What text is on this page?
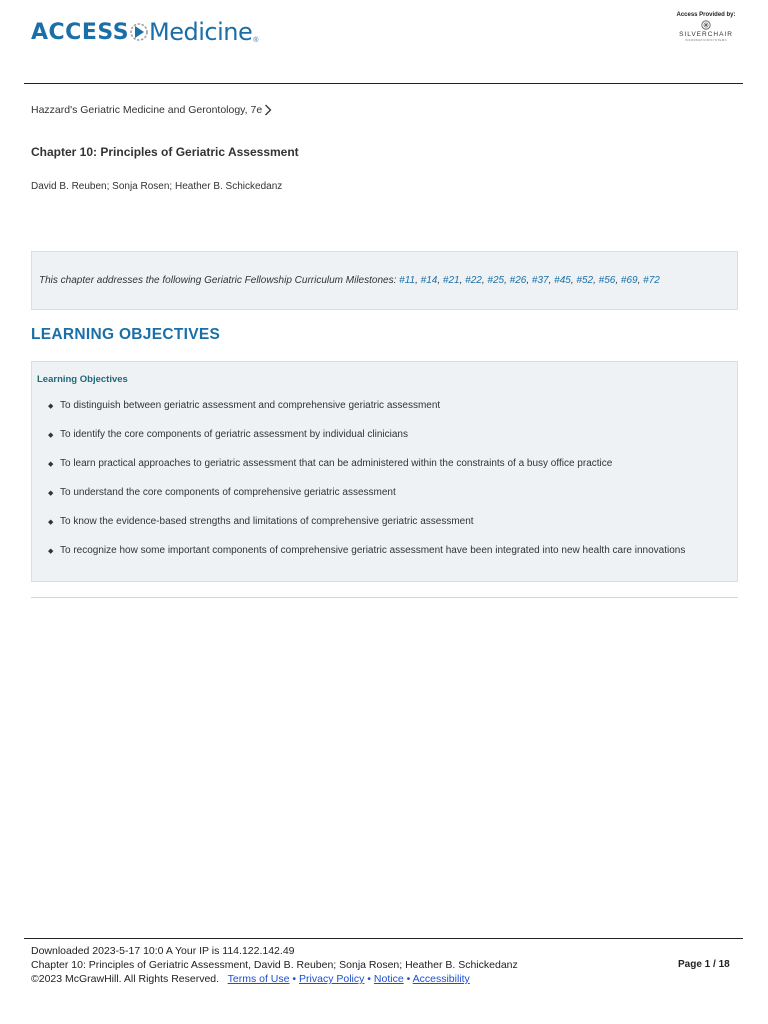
ACCESS Medicine ®
Access Provided by:
SILVERCHAIR
INFORMATION/SYSTEMS
Hazzard's Geriatric Medicine and Gerontology, 7e
Chapter 10: Principles of Geriatric Assessment
David B. Reuben; Sonja Rosen; Heather B. Schickedanz
This chapter addresses the following Geriatric Fellowship Curriculum Milestones: #11, #14, #21, #22, #25, #26, #37, #45, #52, #56, #69, #72
LEARNING OBJECTIVES
Learning Objectives
◆ To distinguish between geriatric assessment and comprehensive geriatric assessment
◆ To identify the core components of geriatric assessment by individual clinicians
◆ To learn practical approaches to geriatric assessment that can be administered within the constraints of a busy office practice
◆ To understand the core components of comprehensive geriatric assessment
◆ To know the evidence-based strengths and limitations of comprehensive geriatric assessment
◆ To recognize how some important components of comprehensive geriatric assessment have been integrated into new health care innovations
Downloaded 2023-5-17 10:0 A Your IP is 114.122.142.49
Chapter 10: Principles of Geriatric Assessment, David B. Reuben; Sonja Rosen; Heather B. Schickedanz
©2023 McGrawHill. All Rights Reserved. Terms of Use • Privacy Policy • Notice • Accessibility
Page 1 / 18
